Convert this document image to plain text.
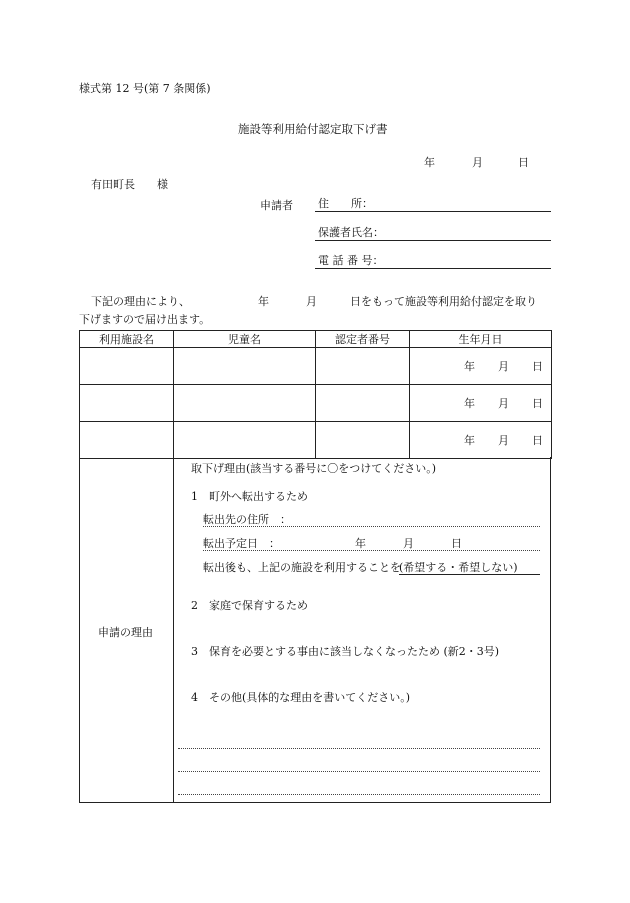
様式第 12 号(第 7 条関係)
施設等利用給付認定取下げ書
年	月	日
有田町長　　様
申請者 住　　所：
保護者氏名：
電 話 番 号：
下記の理由により、	年	月	日をもって施設等利用給付認定を取り
下げますので届け出ます。
利用施設名	児童名	認定者番号	生年月日

			年 月 日

			年 月 日

			年 月 日
申請の理由
取下げ理由(該当する番号に〇をつけてください。)
1　町外へ転出するため
転出先の住所　：
転出予定日　：	年	月	日
転出後も、上記の施設を利用することを
(希望する・希望しない)
2　家庭で保育するため
3　保育を必要とする事由に該当しなくなったため (新2・3号)
4　その他(具体的な理由を書いてください。)
